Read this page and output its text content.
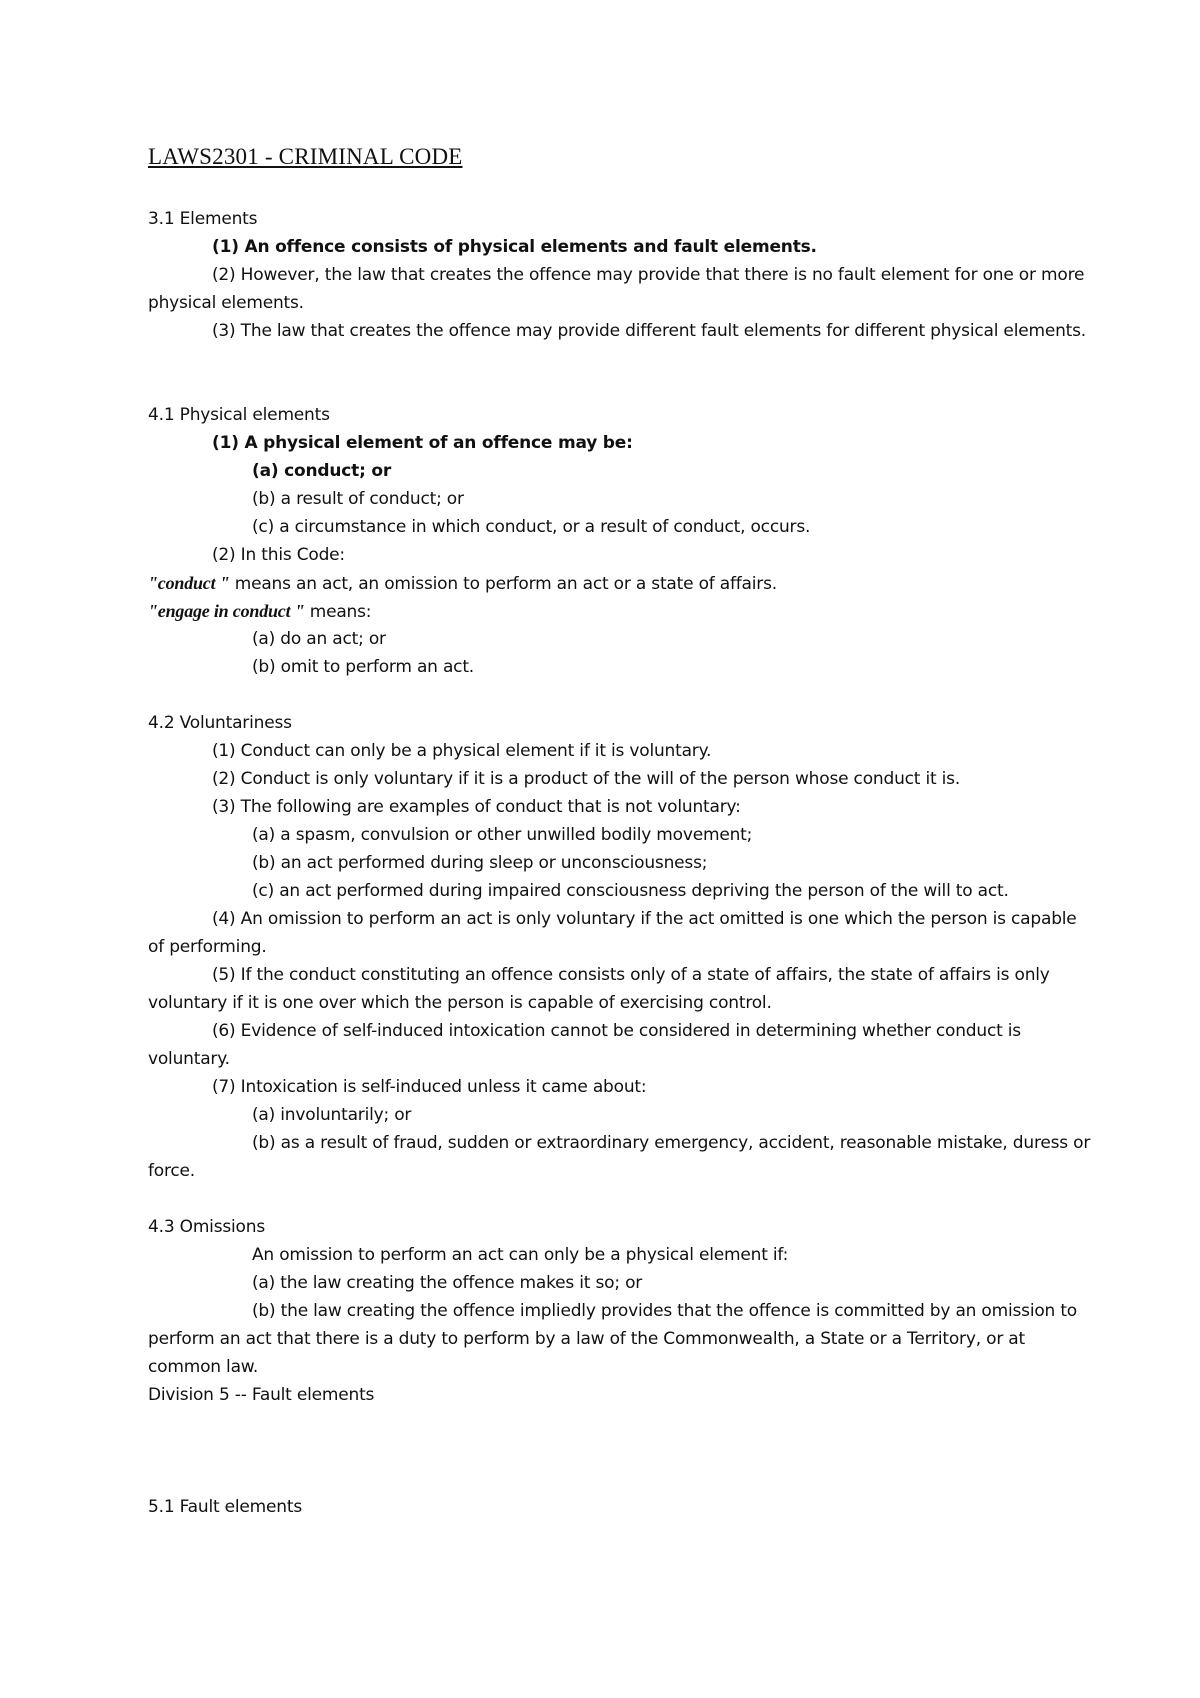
LAWS2301 - CRIMINAL CODE
3.1 Elements
(1) An offence consists of physical elements and fault elements.
(2) However, the law that creates the offence may provide that there is no fault element for one or more
physical elements.
(3) The law that creates the offence may provide different fault elements for different physical elements.
4.1 Physical elements
(1) A physical element of an offence may be:
(a) conduct; or
(b) a result of conduct; or
(c) a circumstance in which conduct, or a result of conduct, occurs.
(2) In this Code:
"conduct " means an act, an omission to perform an act or a state of affairs.
"engage in conduct " means:
(a) do an act; or
(b) omit to perform an act.
4.2 Voluntariness
(1) Conduct can only be a physical element if it is voluntary.
(2) Conduct is only voluntary if it is a product of the will of the person whose conduct it is.
(3) The following are examples of conduct that is not voluntary:
(a) a spasm, convulsion or other unwilled bodily movement;
(b) an act performed during sleep or unconsciousness;
(c) an act performed during impaired consciousness depriving the person of the will to act.
(4) An omission to perform an act is only voluntary if the act omitted is one which the person is capable
of performing.
(5) If the conduct constituting an offence consists only of a state of affairs, the state of affairs is only
voluntary if it is one over which the person is capable of exercising control.
(6) Evidence of self-induced intoxication cannot be considered in determining whether conduct is
voluntary.
(7) Intoxication is self-induced unless it came about:
(a) involuntarily; or
(b) as a result of fraud, sudden or extraordinary emergency, accident, reasonable mistake, duress or
force.
4.3 Omissions
An omission to perform an act can only be a physical element if:
(a) the law creating the offence makes it so; or
(b) the law creating the offence impliedly provides that the offence is committed by an omission to
perform an act that there is a duty to perform by a law of the Commonwealth, a State or a Territory, or at
common law.
Division 5 -- Fault elements
5.1 Fault elements
